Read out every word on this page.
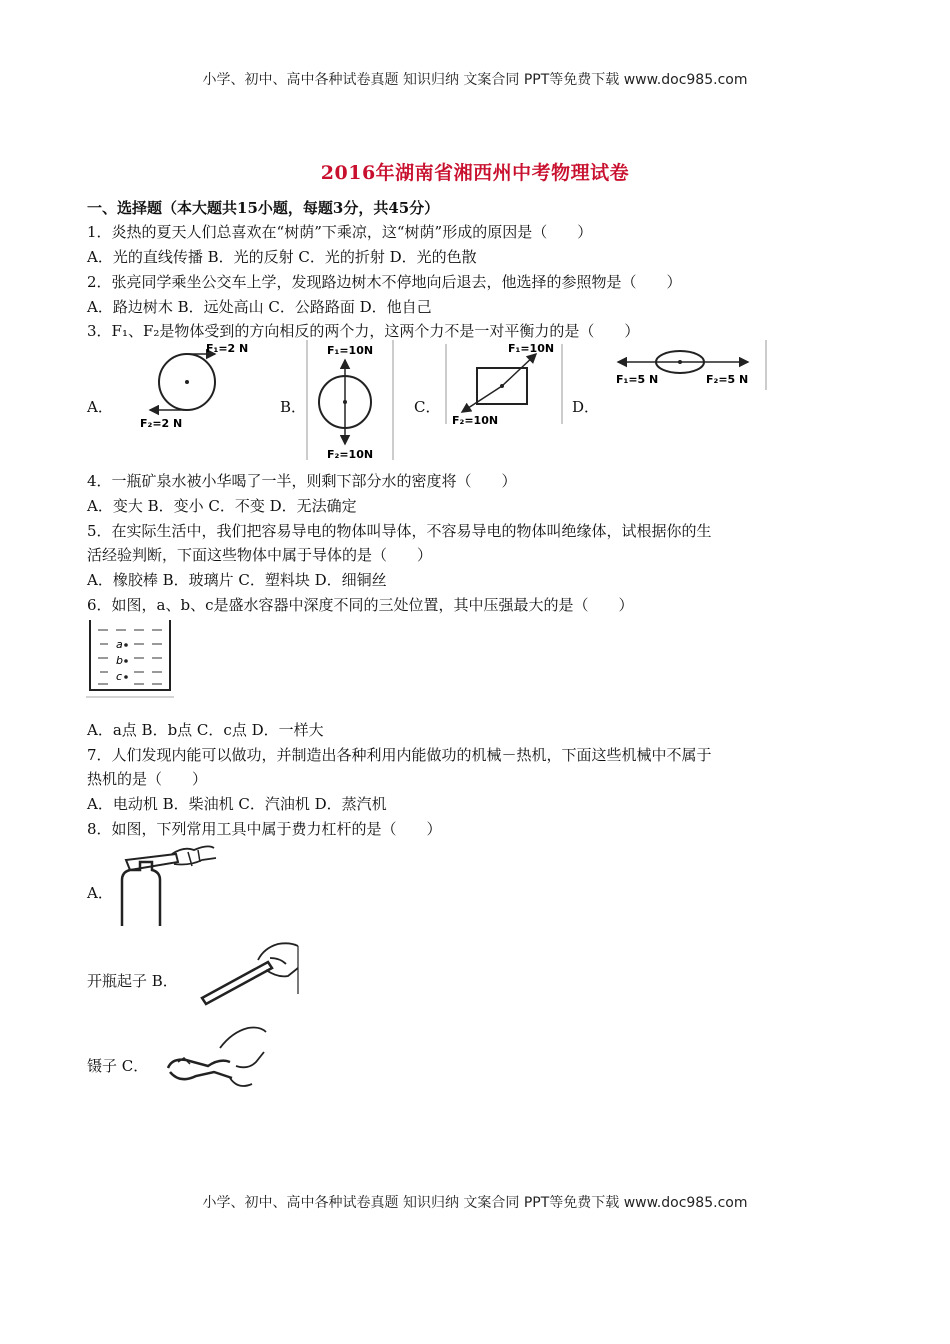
小学、初中、高中各种试卷真题 知识归纳 文案合同 PPT等免费下载 www.doc985.com
2016年湖南省湘西州中考物理试卷
一、选择题（本大题共15小题，每题3分，共45分）
1．炎热的夏天人们总喜欢在“树荫”下乘凉，这“树荫”形成的原因是（　　）
A．光的直线传播 B．光的反射 C．光的折射 D．光的色散
2．张亮同学乘坐公交车上学，发现路边树木不停地向后退去，他选择的参照物是（　　）
A．路边树木 B．远处高山 C．公路路面 D．他自己
3．F₁、F₂是物体受到的方向相反的两个力，这两个力不是一对平衡力的是（　　）
A．	B．	C．	D．
F₁=2 N
F₂=2 N
F₁=10N
F₂=10N
F₁=10N
F₂=10N
F₁=5 N	F₂=5 N
4．一瓶矿泉水被小华喝了一半，则剩下部分水的密度将（　　）
A．变大 B．变小 C．不变 D．无法确定
5．在实际生活中，我们把容易导电的物体叫导体，不容易导电的物体叫绝缘体，试根据你的生
活经验判断，下面这些物体中属于导体的是（　　）
A．橡胶棒 B．玻璃片 C．塑料块 D．细铜丝
6．如图，a、b、c是盛水容器中深度不同的三处位置，其中压强最大的是（　　）
a
b
c
A．a点 B．b点 C．c点 D．一样大
7．人们发现内能可以做功，并制造出各种利用内能做功的机械－热机，下面这些机械中不属于
热机的是（　　）
A．电动机 B．柴油机 C．汽油机 D．蒸汽机
8．如图，下列常用工具中属于费力杠杆的是（　　）
A．
开瓶起子 B．
镊子 C．
小学、初中、高中各种试卷真题 知识归纳 文案合同 PPT等免费下载 www.doc985.com
